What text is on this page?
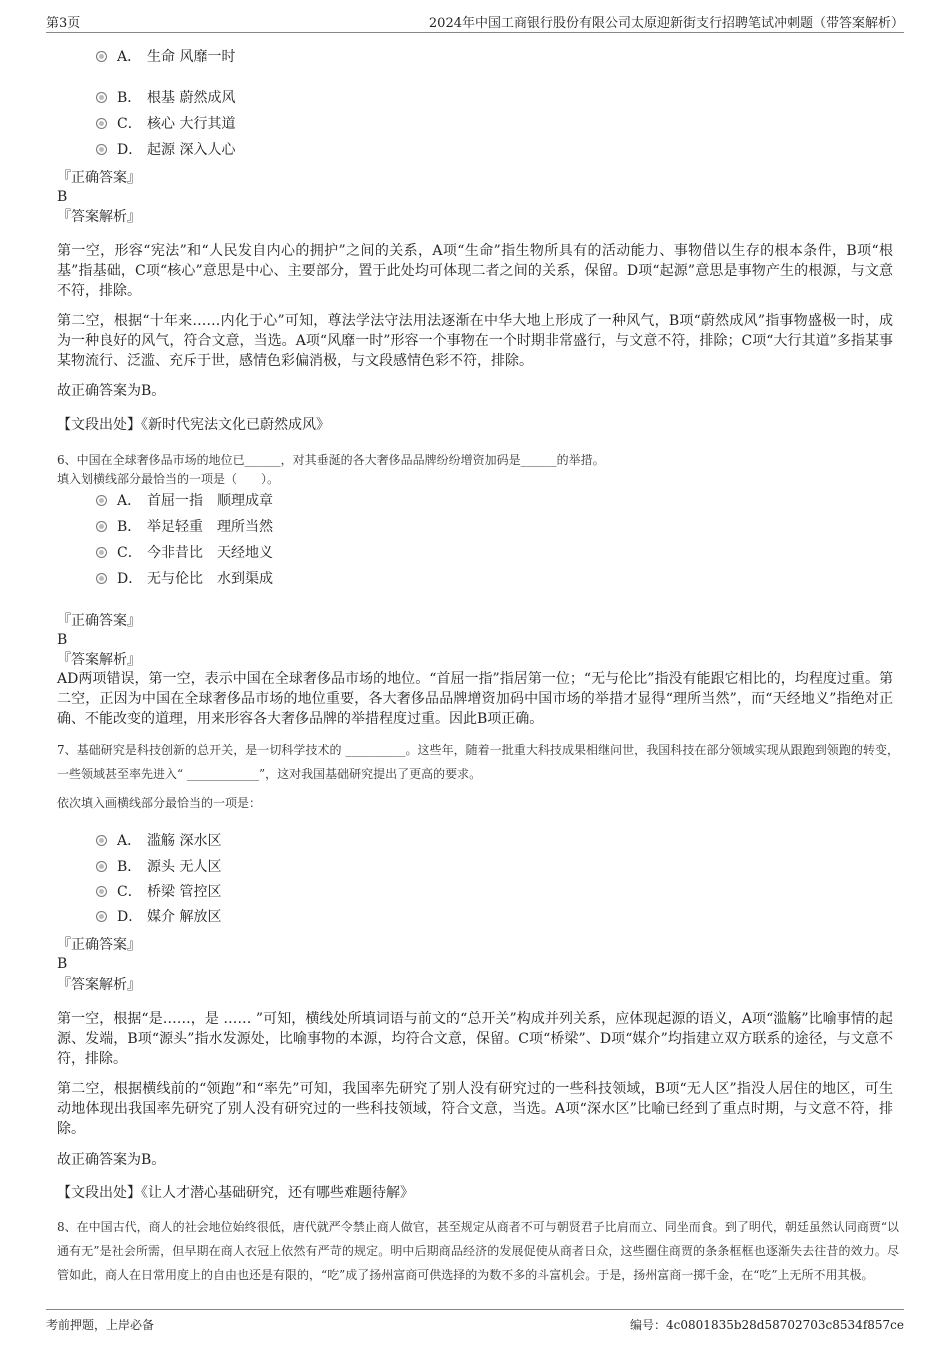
第3页	2024年中国工商银行股份有限公司太原迎新街支行招聘笔试冲刺题（带答案解析）
A． 生命 风靡一时
B． 根基 蔚然成风
C． 核心 大行其道
D． 起源 深入人心
『正确答案』
B
『答案解析』
第一空，形容“宪法”和“人民发自内心的拥护”之间的关系，A项“生命”指生物所具有的活动能力、事物借以生存的根本条件，B项“根基”指基础，C项“核心”意思是中心、主要部分，置于此处均可体现二者之间的关系，保留。D项“起源”意思是事物产生的根源，与文意不符，排除。
第二空，根据“十年来……内化于心”可知，尊法学法守法用法逐渐在中华大地上形成了一种风气，B项“蔚然成风”指事物盛极一时，成为一种良好的风气，符合文意，当选。A项“风靡一时”形容一个事物在一个时期非常盛行，与文意不符，排除；C项“大行其道”多指某事某物流行、泛滥、充斥于世，感情色彩偏消极，与文段感情色彩不符，排除。
故正确答案为B。
【文段出处】《新时代宪法文化已蔚然成风》
6、中国在全球奢侈品市场的地位已______，对其垂涎的各大奢侈品品牌纷纷增资加码是______的举措。
填入划横线部分最恰当的一项是（　　）。
A． 首屈一指　顺理成章
B． 举足轻重　理所当然
C． 今非昔比　天经地义
D． 无与伦比　水到渠成
『正确答案』
B
『答案解析』
AD两项错误，第一空，表示中国在全球奢侈品市场的地位。“首屈一指”指居第一位；“无与伦比”指没有能跟它相比的，均程度过重。第二空，正因为中国在全球奢侈品市场的地位重要，各大奢侈品品牌增资加码中国市场的举措才显得“理所当然”，而“天经地义”指绝对正确、不能改变的道理，用来形容各大奢侈品牌的举措程度过重。因此B项正确。
7、基础研究是科技创新的总开关，是一切科学技术的 __________。这些年，随着一批重大科技成果相继问世，我国科技在部分领域实现从跟跑到领跑的转变，一些领域甚至率先进入“ ____________”，这对我国基础研究提出了更高的要求。
依次填入画横线部分最恰当的一项是：
A． 滥觞 深水区
B． 源头 无人区
C． 桥梁 管控区
D． 媒介 解放区
『正确答案』
B
『答案解析』
第一空，根据“是……，是 …… ”可知，横线处所填词语与前文的“总开关”构成并列关系，应体现起源的语义，A项“滥觞”比喻事情的起源、发端，B项“源头”指水发源处，比喻事物的本源，均符合文意，保留。C项“桥梁”、D项“媒介”均指建立双方联系的途径，与文意不符，排除。
第二空，根据横线前的“领跑”和“率先”可知，我国率先研究了别人没有研究过的一些科技领域，B项“无人区”指没人居住的地区，可生动地体现出我国率先研究了别人没有研究过的一些科技领域，符合文意，当选。A项“深水区”比喻已经到了重点时期，与文意不符，排除。
故正确答案为B。
【文段出处】《让人才潜心基础研究，还有哪些难题待解》
8、在中国古代，商人的社会地位始终很低，唐代就严令禁止商人做官，甚至规定从商者不可与朝贤君子比肩而立、同坐而食。到了明代，朝廷虽然认同商贾“以通有无”是社会所需，但早期在商人衣冠上依然有严苛的规定。明中后期商品经济的发展促使从商者日众，这些圈住商贾的条条框框也逐渐失去往昔的效力。尽管如此，商人在日常用度上的自由也还是有限的，“吃”成了扬州富商可供选择的为数不多的斗富机会。于是，扬州富商一掷千金，在“吃”上无所不用其极。
考前押题，上岸必备	编号：4c0801835b28d58702703c8534f857ce
